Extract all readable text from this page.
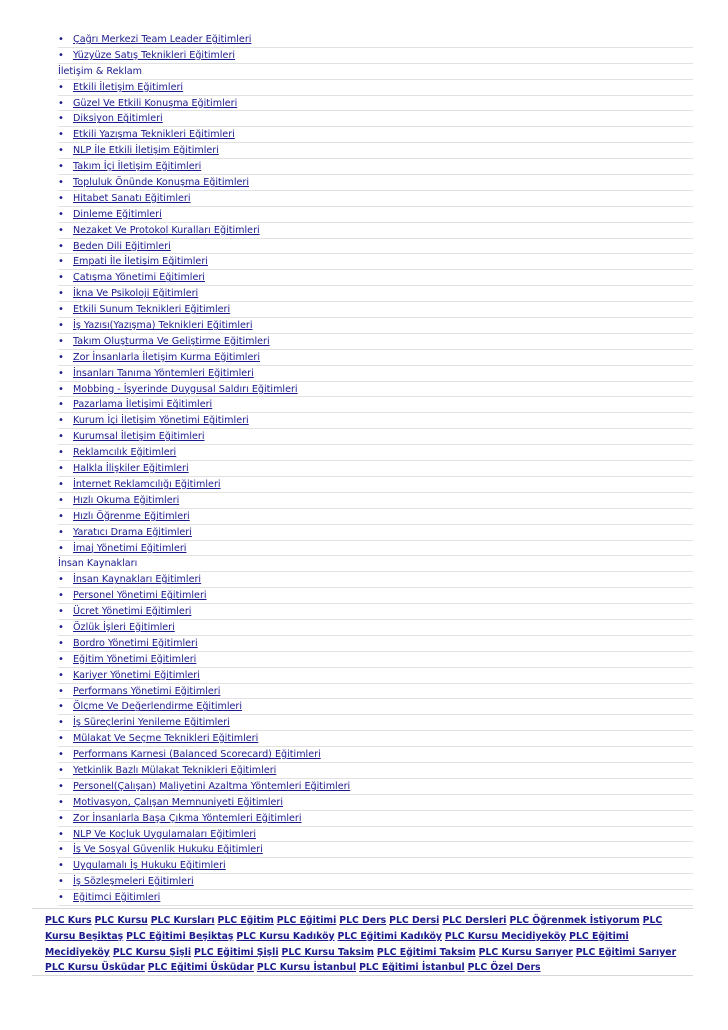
• Çağrı Merkezi Team Leader Eğitimleri
• Yüzyüze Satış Teknikleri Eğitimleri
İletişim & Reklam
• Etkili İletişim Eğitimleri
• Güzel Ve Etkili Konuşma Eğitimleri
• Diksiyon Eğitimleri
• Etkili Yazışma Teknikleri Eğitimleri
• NLP İle Etkili İletişim Eğitimleri
• Takım İçi İletişim Eğitimleri
• Topluluk Önünde Konuşma Eğitimleri
• Hitabet Sanatı Eğitimleri
• Dinleme Eğitimleri
• Nezaket Ve Protokol Kuralları Eğitimleri
• Beden Dili Eğitimleri
• Empati İle İletişim Eğitimleri
• Çatışma Yönetimi Eğitimleri
• İkna Ve Psikoloji Eğitimleri
• Etkili Sunum Teknikleri Eğitimleri
• İş Yazısı(Yazışma) Teknikleri Eğitimleri
• Takım Oluşturma Ve Geliştirme Eğitimleri
• Zor İnsanlarla İletişim Kurma Eğitimleri
• İnsanları Tanıma Yöntemleri Eğitimleri
• Mobbing - İşyerinde Duygusal Saldırı Eğitimleri
• Pazarlama İletişimi Eğitimleri
• Kurum İçi İletişim Yönetimi Eğitimleri
• Kurumsal İletişim Eğitimleri
• Reklamcılık Eğitimleri
• Halkla İlişkiler Eğitimleri
• İnternet Reklamcılığı Eğitimleri
• Hızlı Okuma Eğitimleri
• Hızlı Öğrenme Eğitimleri
• Yaratıcı Drama Eğitimleri
• İmaj Yönetimi Eğitimleri
İnsan Kaynakları
• İnsan Kaynakları Eğitimleri
• Personel Yönetimi Eğitimleri
• Ücret Yönetimi Eğitimleri
• Özlük İşleri Eğitimleri
• Bordro Yönetimi Eğitimleri
• Eğitim Yönetimi Eğitimleri
• Kariyer Yönetimi Eğitimleri
• Performans Yönetimi Eğitimleri
• Ölçme Ve Değerlendirme Eğitimleri
• İş Süreçlerini Yenileme Eğitimleri
• Mülakat Ve Seçme Teknikleri Eğitimleri
• Performans Karnesi (Balanced Scorecard) Eğitimleri
• Yetkinlik Bazlı Mülakat Teknikleri Eğitimleri
• Personel(Çalışan) Maliyetini Azaltma Yöntemleri Eğitimleri
• Motivasyon, Çalışan Memnuniyeti Eğitimleri
• Zor İnsanlarla Başa Çıkma Yöntemleri Eğitimleri
• NLP Ve Koçluk Uygulamaları Eğitimleri
• İş Ve Sosyal Güvenlik Hukuku Eğitimleri
• Uygulamalı İş Hukuku Eğitimleri
• İş Sözleşmeleri Eğitimleri
• Eğitimci Eğitimleri
PLC Kurs PLC Kursu PLC Kursları PLC Eğitim PLC Eğitimi PLC Ders PLC Dersi PLC Dersleri PLC Öğrenmek İstiyorum PLC Kursu Beşiktaş PLC Eğitimi Beşiktaş PLC Kursu Kadıköy PLC Eğitimi Kadıköy PLC Kursu Mecidiyeköy PLC Eğitimi Mecidiyeköy PLC Kursu Şişli PLC Eğitimi Şişli PLC Kursu Taksim PLC Eğitimi Taksim PLC Kursu Sarıyer PLC Eğitimi Sarıyer PLC Kursu Üsküdar PLC Eğitimi Üsküdar PLC Kursu İstanbul PLC Eğitimi İstanbul PLC Özel Ders
